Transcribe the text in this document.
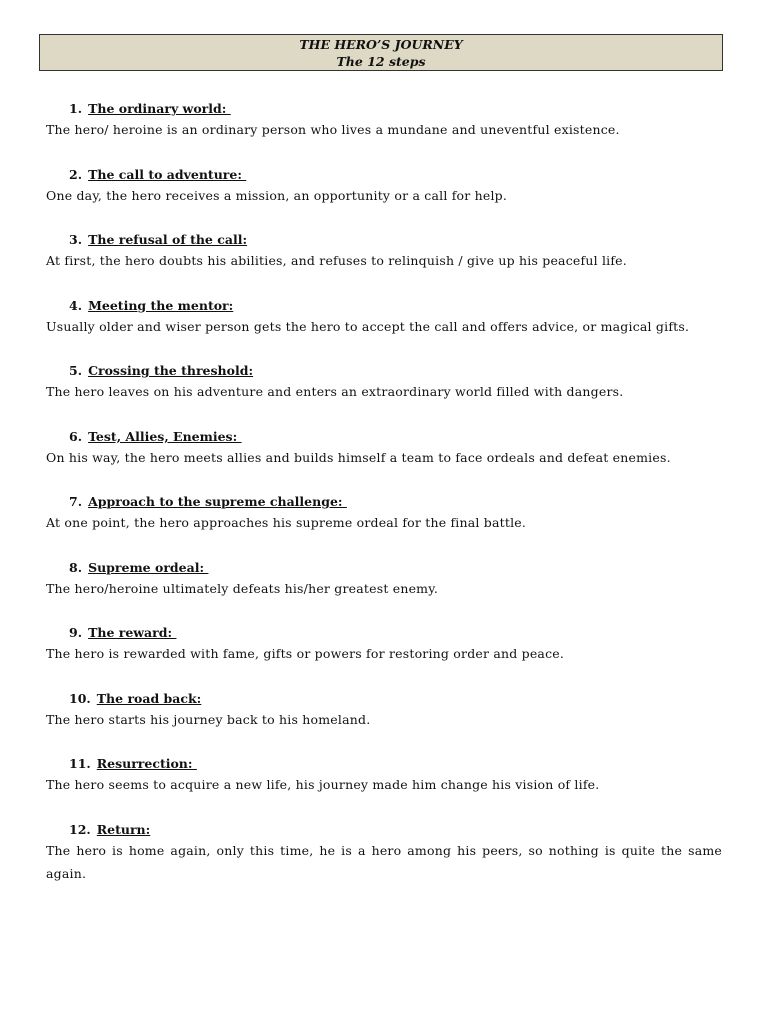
THE HERO’S JOURNEY
The 12 steps
1. The ordinary world:
The hero/ heroine is an ordinary person who lives a mundane and uneventful existence.
2. The call to adventure:
One day, the hero receives a mission, an opportunity or a call for help.
3. The refusal of the call:
At first, the hero doubts his abilities, and refuses to relinquish / give up his peaceful life.
4. Meeting the mentor:
Usually older and wiser person gets the hero to accept the call and offers advice, or magical gifts.
5. Crossing the threshold:
The hero leaves on his adventure and enters an extraordinary world filled with dangers.
6. Test, Allies, Enemies:
On his way, the hero meets allies and builds himself a team to face ordeals and defeat enemies.
7. Approach to the supreme challenge:
At one point, the hero approaches his supreme ordeal for the final battle.
8. Supreme ordeal:
The hero/heroine ultimately defeats his/her greatest enemy.
9. The reward:
The hero is rewarded with fame, gifts or powers for restoring order and peace.
10. The road back:
The hero starts his journey back to his homeland.
11. Resurrection:
The hero seems to acquire a new life, his journey made him change his vision of life.
12. Return:
The hero is home again, only this time, he is a hero among his peers, so nothing is quite the same again.
